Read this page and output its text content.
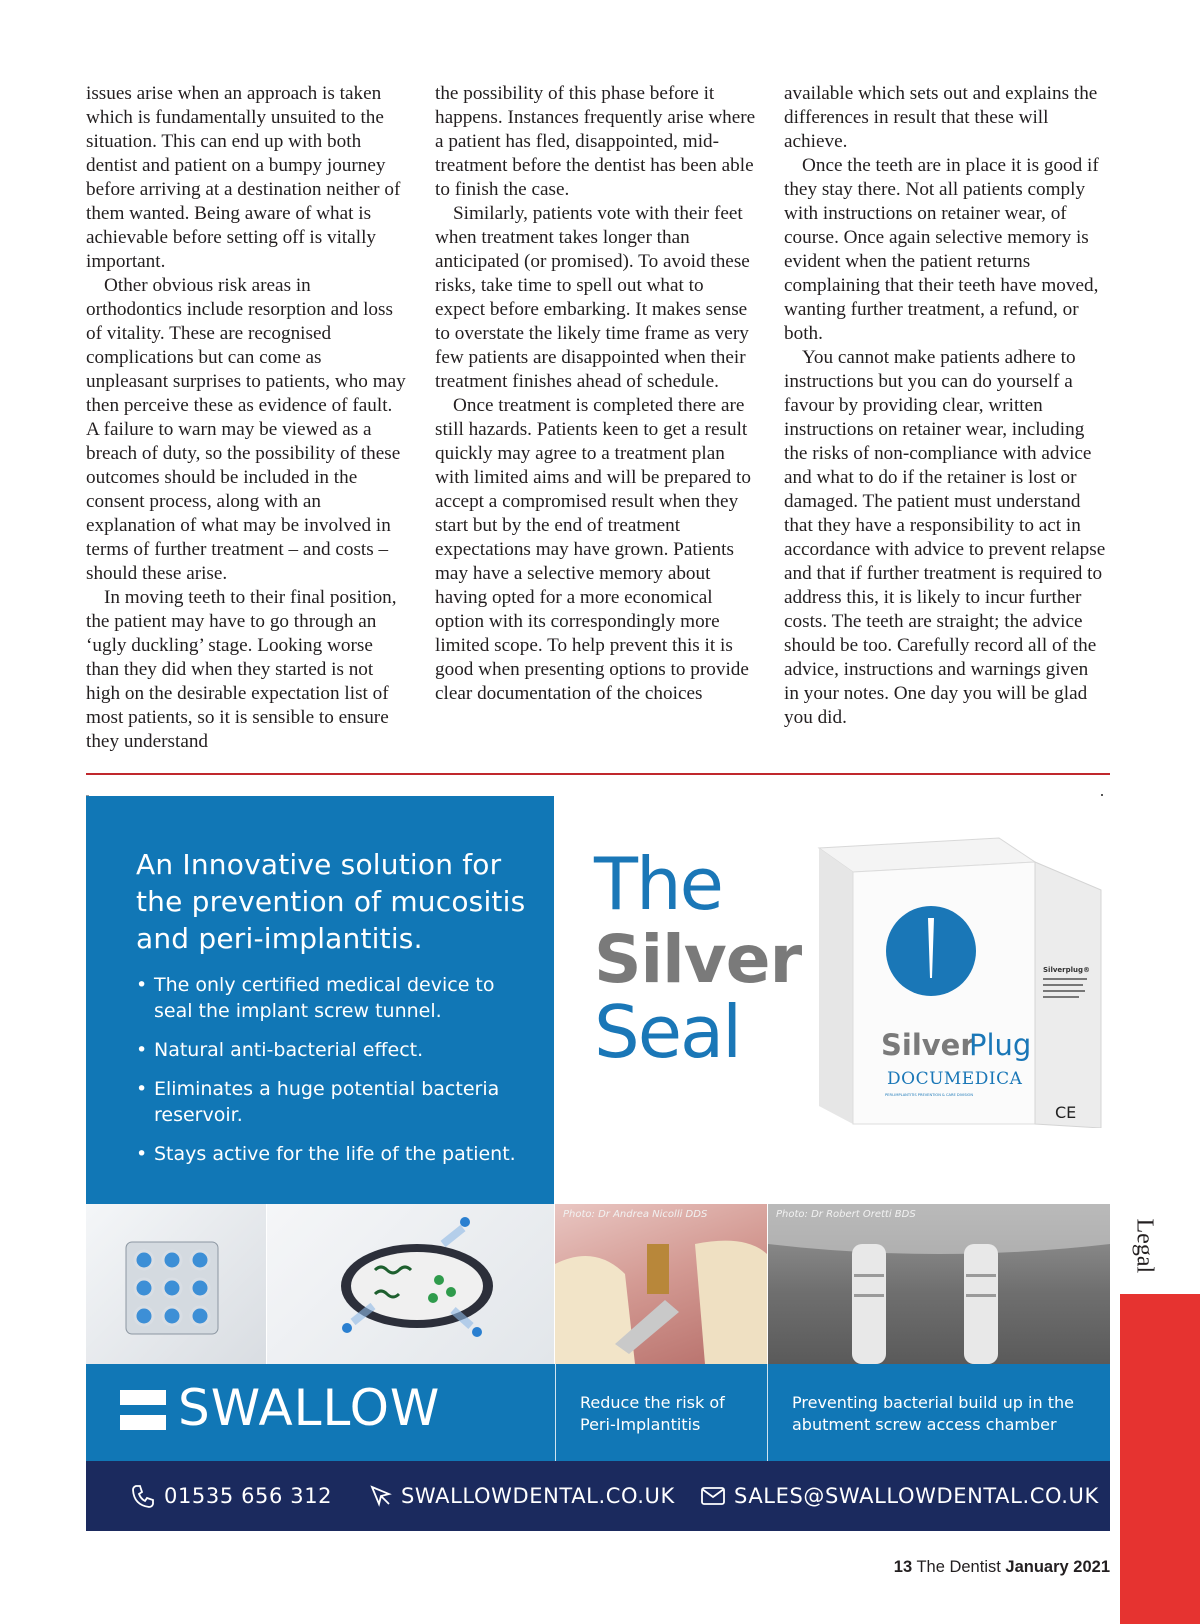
issues arise when an approach is taken which is fundamentally unsuited to the situation. This can end up with both dentist and patient on a bumpy journey before arriving at a destination neither of them wanted. Being aware of what is achievable before setting off is vitally important.

Other obvious risk areas in orthodontics include resorption and loss of vitality. These are recognised complications but can come as unpleasant surprises to patients, who may then perceive these as evidence of fault. A failure to warn may be viewed as a breach of duty, so the possibility of these outcomes should be included in the consent process, along with an explanation of what may be involved in terms of further treatment – and costs – should these arise.

In moving teeth to their final position, the patient may have to go through an ‘ugly duckling’ stage. Looking worse than they did when they started is not high on the desirable expectation list of most patients, so it is sensible to ensure they understand

the possibility of this phase before it happens. Instances frequently arise where a patient has fled, disappointed, mid-treatment before the dentist has been able to finish the case.

Similarly, patients vote with their feet when treatment takes longer than anticipated (or promised). To avoid these risks, take time to spell out what to expect before embarking. It makes sense to overstate the likely time frame as very few patients are disappointed when their treatment finishes ahead of schedule.

Once treatment is completed there are still hazards. Patients keen to get a result quickly may agree to a treatment plan with limited aims and will be prepared to accept a compromised result when they start but by the end of treatment expectations may have grown. Patients may have a selective memory about having opted for a more economical option with its correspondingly more limited scope. To help prevent this it is good when presenting options to provide clear documentation of the choices

available which sets out and explains the differences in result that these will achieve.

Once the teeth are in place it is good if they stay there. Not all patients comply with instructions on retainer wear, of course. Once again selective memory is evident when the patient returns complaining that their teeth have moved, wanting further treatment, a refund, or both.

You cannot make patients adhere to instructions but you can do yourself a favour by providing clear, written instructions on retainer wear, including the risks of non-compliance with advice and what to do if the retainer is lost or damaged. The patient must understand that they have a responsibility to act in accordance with advice to prevent relapse and that if further treatment is required to address this, it is likely to incur further costs. The teeth are straight; the advice should be too. Carefully record all of the advice, instructions and warnings given in your notes. One day you will be glad you did.

An Innovative solution for the prevention of mucositis and peri-implantitis.
• The only certified medical device to seal the implant screw tunnel.
• Natural anti-bacterial effect.
• Eliminates a huge potential bacteria reservoir.
• Stays active for the life of the patient.
The
Silver
Seal	Silver
Plug
DOCUMEDICA
PERI-IMPLANTITIS PREVENTION & CARE DIVISION
Silverplug®
CE
Photo: Dr Andrea Nicolli DDS	Photo: Dr Robert Oretti BDS
SWALLOW	Reduce the risk of Peri-Implantitis
Preventing bacterial build up in the abutment screw access chamber
01535 656 312	SWALLOWDENTAL.CO.UK	SALES@SWALLOWDENTAL.CO.UK
Legal
13 The Dentist January 2021
